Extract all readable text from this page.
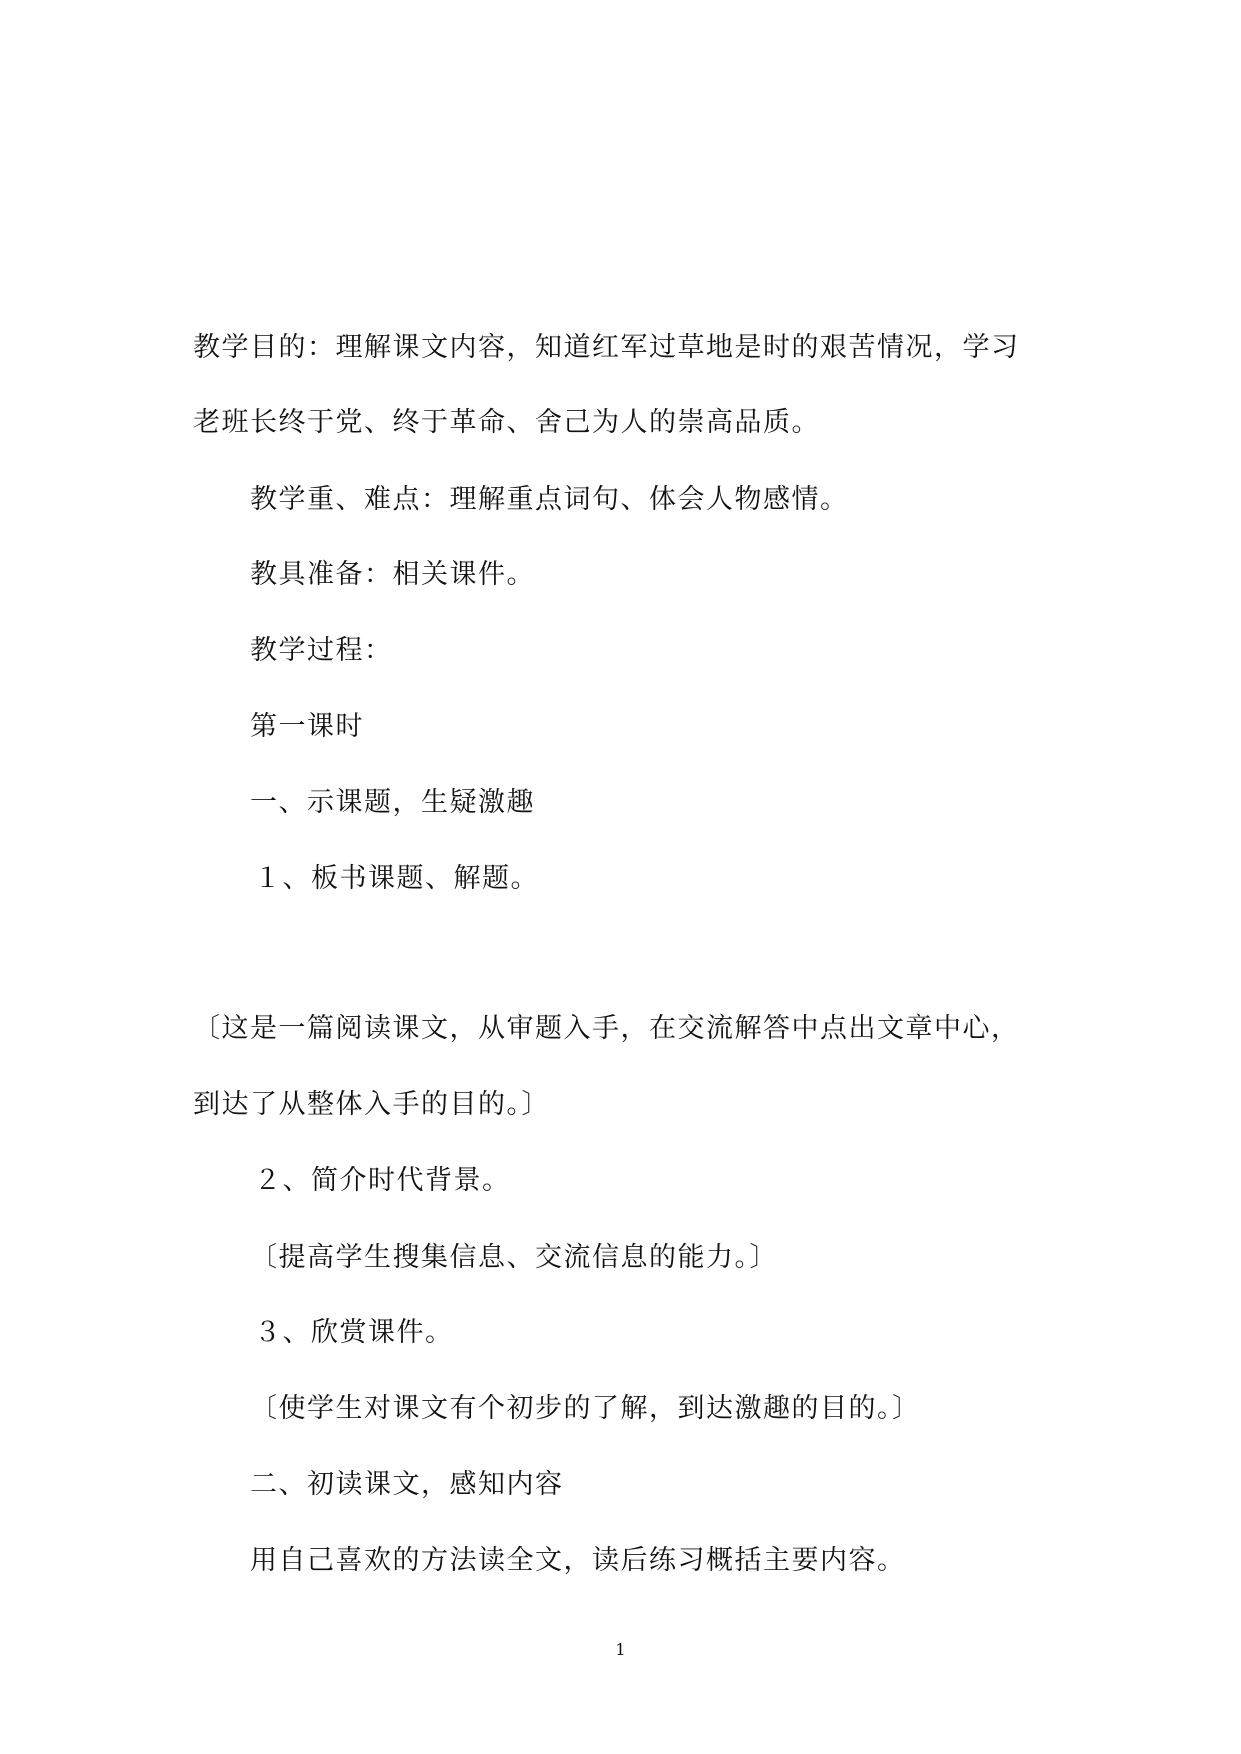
教学目的：理解课文内容，知道红军过草地是时的艰苦情况，学习
老班长终于党、终于革命、舍己为人的崇高品质。
教学重、难点：理解重点词句、体会人物感情。
教具准备：相关课件。
教学过程：
第一课时
一、示课题，生疑激趣
１、板书课题、解题。
〔这是一篇阅读课文，从审题入手，在交流解答中点出文章中心，
到达了从整体入手的目的。〕
２、简介时代背景。
〔提高学生搜集信息、交流信息的能力。〕
３、欣赏课件。
〔使学生对课文有个初步的了解，到达激趣的目的。〕
二、初读课文，感知内容
用自己喜欢的方法读全文，读后练习概括主要内容。
1
